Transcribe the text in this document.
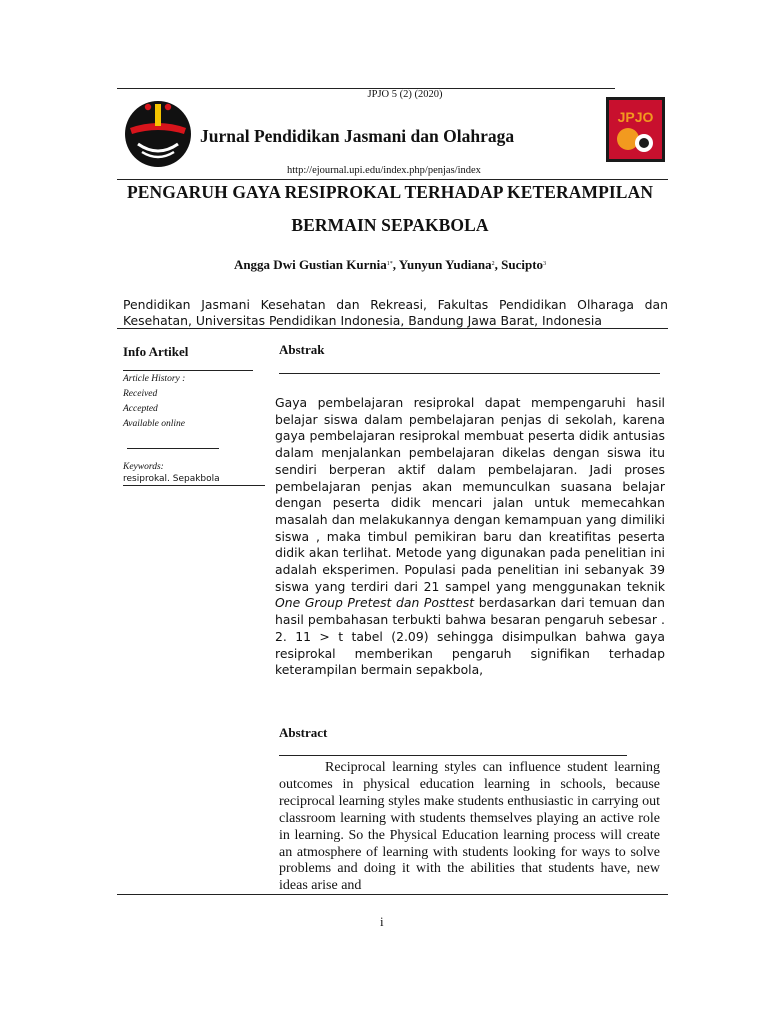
JPJO 5 (2) (2020)
Jurnal Pendidikan Jasmani dan Olahraga
JPJO
http://ejournal.upi.edu/index.php/penjas/index
PENGARUH GAYA RESIPROKAL TERHADAP KETERAMPILAN
BERMAIN SEPAKBOLA
Angga Dwi Gustian Kurnia$^{1*}$, Yunyun Yudiana$^2$, Sucipto$^3$
Pendidikan Jasmani Kesehatan dan Rekreasi, Fakultas Pendidikan Olharaga dan Kesehatan, Universitas Pendidikan Indonesia, Bandung Jawa Barat, Indonesia
Info Artikel
Article History :
Received
Accepted
Available online
Keywords:
resiprokal. Sepakbola
Abstrak
Gaya pembelajaran resiprokal dapat mempengaruhi hasil belajar siswa dalam pembelajaran penjas di sekolah, karena gaya pembelajaran resiprokal membuat peserta didik antusias dalam menjalankan pembelajaran dikelas dengan siswa itu sendiri berperan aktif dalam pembelajaran. Jadi proses pembelajaran penjas akan memunculkan suasana belajar dengan peserta didik mencari jalan untuk memecahkan masalah dan melakukannya dengan kemampuan yang dimiliki siswa , maka timbul pemikiran baru dan kreatifitas peserta didik akan terlihat. Metode yang digunakan pada penelitian ini adalah eksperimen. Populasi pada penelitian ini sebanyak 39 siswa yang terdiri dari 21 sampel yang menggunakan teknik One Group Pretest dan Posttest berdasarkan dari temuan dan hasil pembahasan terbukti bahwa besaran pengaruh sebesar . 2. 11 > t tabel (2.09) sehingga disimpulkan bahwa gaya resiprokal memberikan pengaruh signifikan terhadap keterampilan bermain sepakbola,
Abstract
Reciprocal learning styles can influence student learning outcomes in physical education learning in schools, because reciprocal learning styles make students enthusiastic in carrying out classroom learning with students themselves playing an active role in learning. So the Physical Education learning process will create an atmosphere of learning with students looking for ways to solve problems and doing it with the abilities that students have, new ideas arise and
i
